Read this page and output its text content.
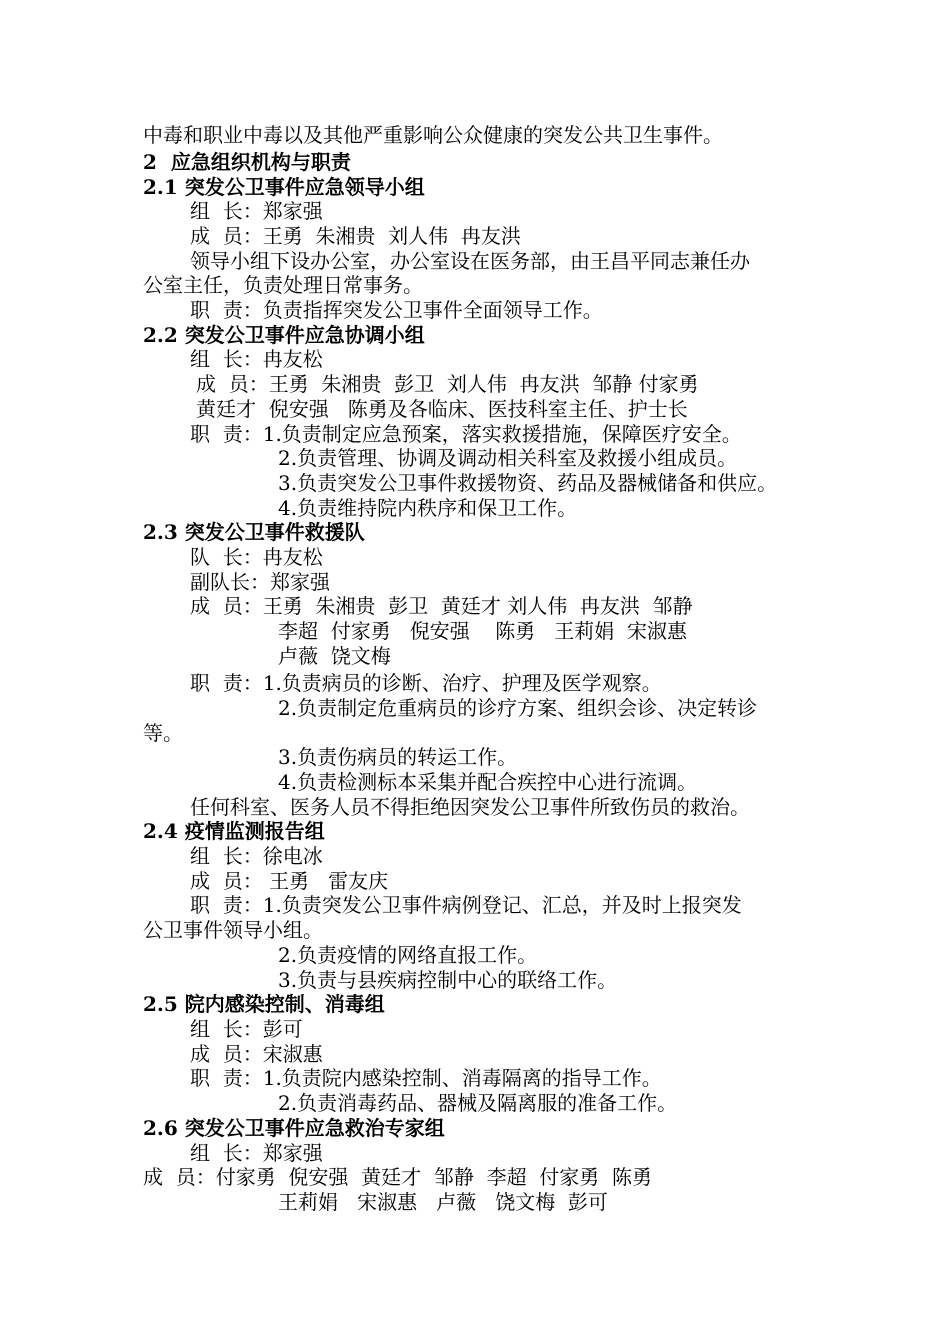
中毒和职业中毒以及其他严重影响公众健康的突发公共卫生事件。
2  应急组织机构与职责
2.1 突发公卫事件应急领导小组
组  长：郑家强
成  员：王勇  朱湘贵  刘人伟  冉友洪
领导小组下设办公室，办公室设在医务部，由王昌平同志兼任办
公室主任，负责处理日常事务。
职  责：负责指挥突发公卫事件全面领导工作。
2.2 突发公卫事件应急协调小组
组  长：冉友松
成  员：王勇  朱湘贵  彭卫  刘人伟  冉友洪  邹静 付家勇
黄廷才  倪安强   陈勇及各临床、医技科室主任、护士长
职  责：1.负责制定应急预案，落实救援措施，保障医疗安全。
2.负责管理、协调及调动相关科室及救援小组成员。
3.负责突发公卫事件救援物资、药品及器械储备和供应。
4.负责维持院内秩序和保卫工作。
2.3 突发公卫事件救援队
队  长：冉友松
副队长：郑家强
成  员：王勇  朱湘贵  彭卫  黄廷才 刘人伟  冉友洪  邹静
李超  付家勇   倪安强    陈勇   王莉娟  宋淑惠
卢薇  饶文梅
职  责：1.负责病员的诊断、治疗、护理及医学观察。
2.负责制定危重病员的诊疗方案、组织会诊、决定转诊
等。
3.负责伤病员的转运工作。
4.负责检测标本采集并配合疾控中心进行流调。
任何科室、医务人员不得拒绝因突发公卫事件所致伤员的救治。
2.4 疫情监测报告组
组  长：徐电冰
成  员： 王勇   雷友庆
职  责：1.负责突发公卫事件病例登记、汇总，并及时上报突发
公卫事件领导小组。
2.负责疫情的网络直报工作。
3.负责与县疾病控制中心的联络工作。
2.5 院内感染控制、消毒组
组  长：彭可
成  员：宋淑惠
职  责：1.负责院内感染控制、消毒隔离的指导工作。
2.负责消毒药品、器械及隔离服的准备工作。
2.6 突发公卫事件应急救治专家组
组  长：郑家强
成  员：付家勇  倪安强  黄廷才  邹静  李超  付家勇  陈勇
王莉娟   宋淑惠   卢薇   饶文梅  彭可
